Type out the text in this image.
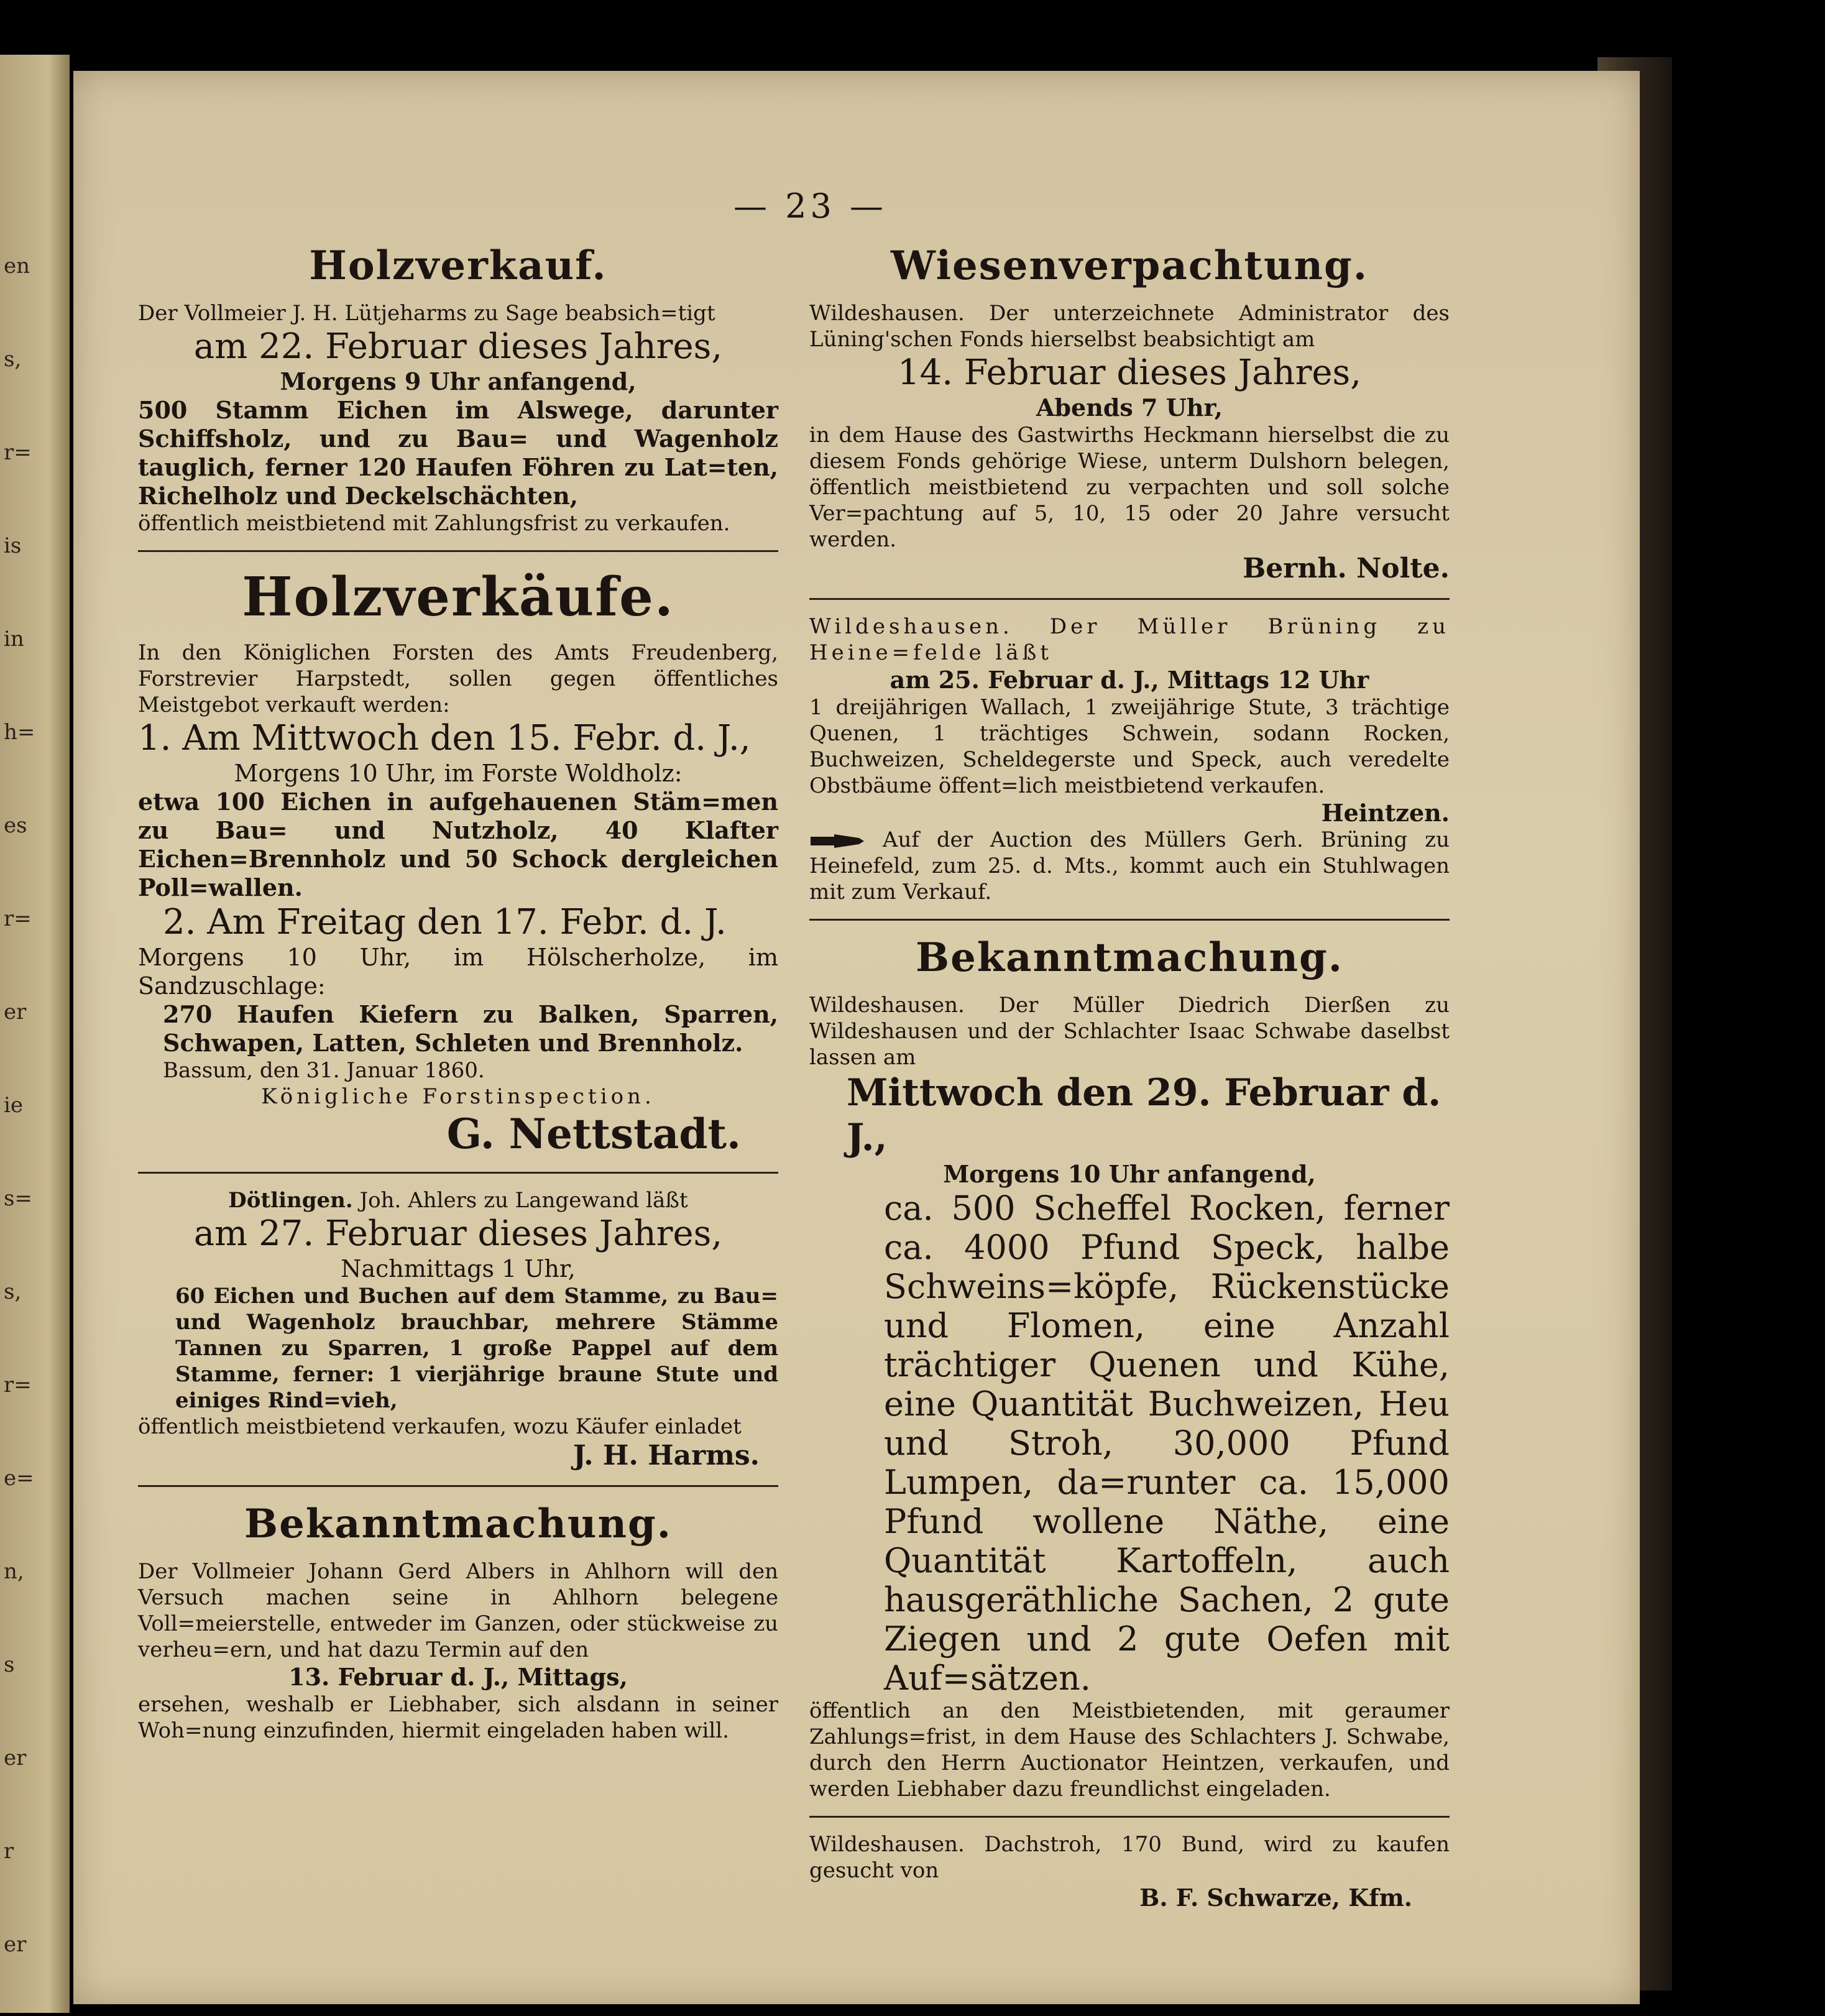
en
s,
r=
is
in
h=
es
r=
er
ie
s=
s,
r=
e=
n,
s
er
r
er
— 23 —
Holzverkauf.

Der Vollmeier J. H. Lütjeharms zu Sage beabsich=tigt

am 22. Februar dieses Jahres,
Morgens 9 Uhr anfangend,

500 Stamm Eichen im Alswege, darunter Schiffsholz, und zu Bau= und Wagenholz tauglich, ferner 120 Haufen Föhren zu Lat=ten, Richelholz und Deckelschächten,

öffentlich meistbietend mit Zahlungsfrist zu verkaufen.

Holzverkäufe.

In den Königlichen Forsten des Amts Freudenberg, Forstrevier Harpstedt, sollen gegen öffentliches Meistgebot verkauft werden:

1. Am Mittwoch den 15. Febr. d. J.,
Morgens 10 Uhr, im Forste Woldholz:

etwa 100 Eichen in aufgehauenen Stäm=men zu Bau= und Nutzholz, 40 Klafter Eichen=Brennholz und 50 Schock dergleichen Poll=wallen.

2. Am Freitag den 17. Febr. d. J.
Morgens 10 Uhr, im Hölscherholze, im Sandzuschlage:

270 Haufen Kiefern zu Balken, Sparren, Schwapen, Latten, Schleten und Brennholz.

Bassum, den 31. Januar 1860.

Königliche Forstinspection.

G. Nettstadt.

Dötlingen. Joh. Ahlers zu Langewand läßt

am 27. Februar dieses Jahres,
Nachmittags 1 Uhr,

60 Eichen und Buchen auf dem Stamme, zu Bau= und Wagenholz brauchbar, mehrere Stämme Tannen zu Sparren, 1 große Pappel auf dem Stamme, ferner: 1 vierjährige braune Stute und einiges Rind=vieh,

öffentlich meistbietend verkaufen, wozu Käufer einladet

J. H. Harms.
Bekanntmachung.

Der Vollmeier Johann Gerd Albers in Ahlhorn will den Versuch machen seine in Ahlhorn belegene Voll=meierstelle, entweder im Ganzen, oder stückweise zu verheu=ern, und hat dazu Termin auf den

13. Februar d. J., Mittags,

ersehen, weshalb er Liebhaber, sich alsdann in seiner Woh=nung einzufinden, hiermit eingeladen haben will.

Wiesenverpachtung.

Wildeshausen. Der unterzeichnete Administrator des Lüning'schen Fonds hierselbst beabsichtigt am

14. Februar dieses Jahres,
Abends 7 Uhr,

in dem Hause des Gastwirths Heckmann hierselbst die zu diesem Fonds gehörige Wiese, unterm Dulshorn belegen, öffentlich meistbietend zu verpachten und soll solche Ver=pachtung auf 5, 10, 15 oder 20 Jahre versucht werden.

Bernh. Nolte.

Wildeshausen. Der Müller Brüning zu Heine=felde läßt

am 25. Februar d. J., Mittags 12 Uhr

1 dreijährigen Wallach, 1 zweijährige Stute, 3 trächtige Quenen, 1 trächtiges Schwein, sodann Rocken, Buchweizen, Scheldegerste und Speck, auch veredelte Obstbäume öffent=lich meistbietend verkaufen.

Heintzen.

Auf der Auction des Müllers Gerh. Brüning zu Heinefeld, zum 25. d. Mts., kommt auch ein Stuhlwagen mit zum Verkauf.

Bekanntmachung.

Wildeshausen. Der Müller Diedrich Dierßen zu Wildeshausen und der Schlachter Isaac Schwabe daselbst lassen am

Mittwoch den 29. Februar d. J.,
Morgens 10 Uhr anfangend,

ca. 500 Scheffel Rocken, ferner ca. 4000 Pfund Speck, halbe Schweins=köpfe, Rückenstücke und Flomen, eine Anzahl trächtiger Quenen und Kühe, eine Quantität Buchweizen, Heu und Stroh, 30,000 Pfund Lumpen, da=runter ca. 15,000 Pfund wollene Näthe, eine Quantität Kartoffeln, auch hausgeräthliche Sachen, 2 gute Ziegen und 2 gute Oefen mit Auf=sätzen.

öffentlich an den Meistbietenden, mit geraumer Zahlungs=frist, in dem Hause des Schlachters J. Schwabe, durch den Herrn Auctionator Heintzen, verkaufen, und werden Liebhaber dazu freundlichst eingeladen.

Wildeshausen. Dachstroh, 170 Bund, wird zu kaufen gesucht von

B. F. Schwarze, Kfm.
